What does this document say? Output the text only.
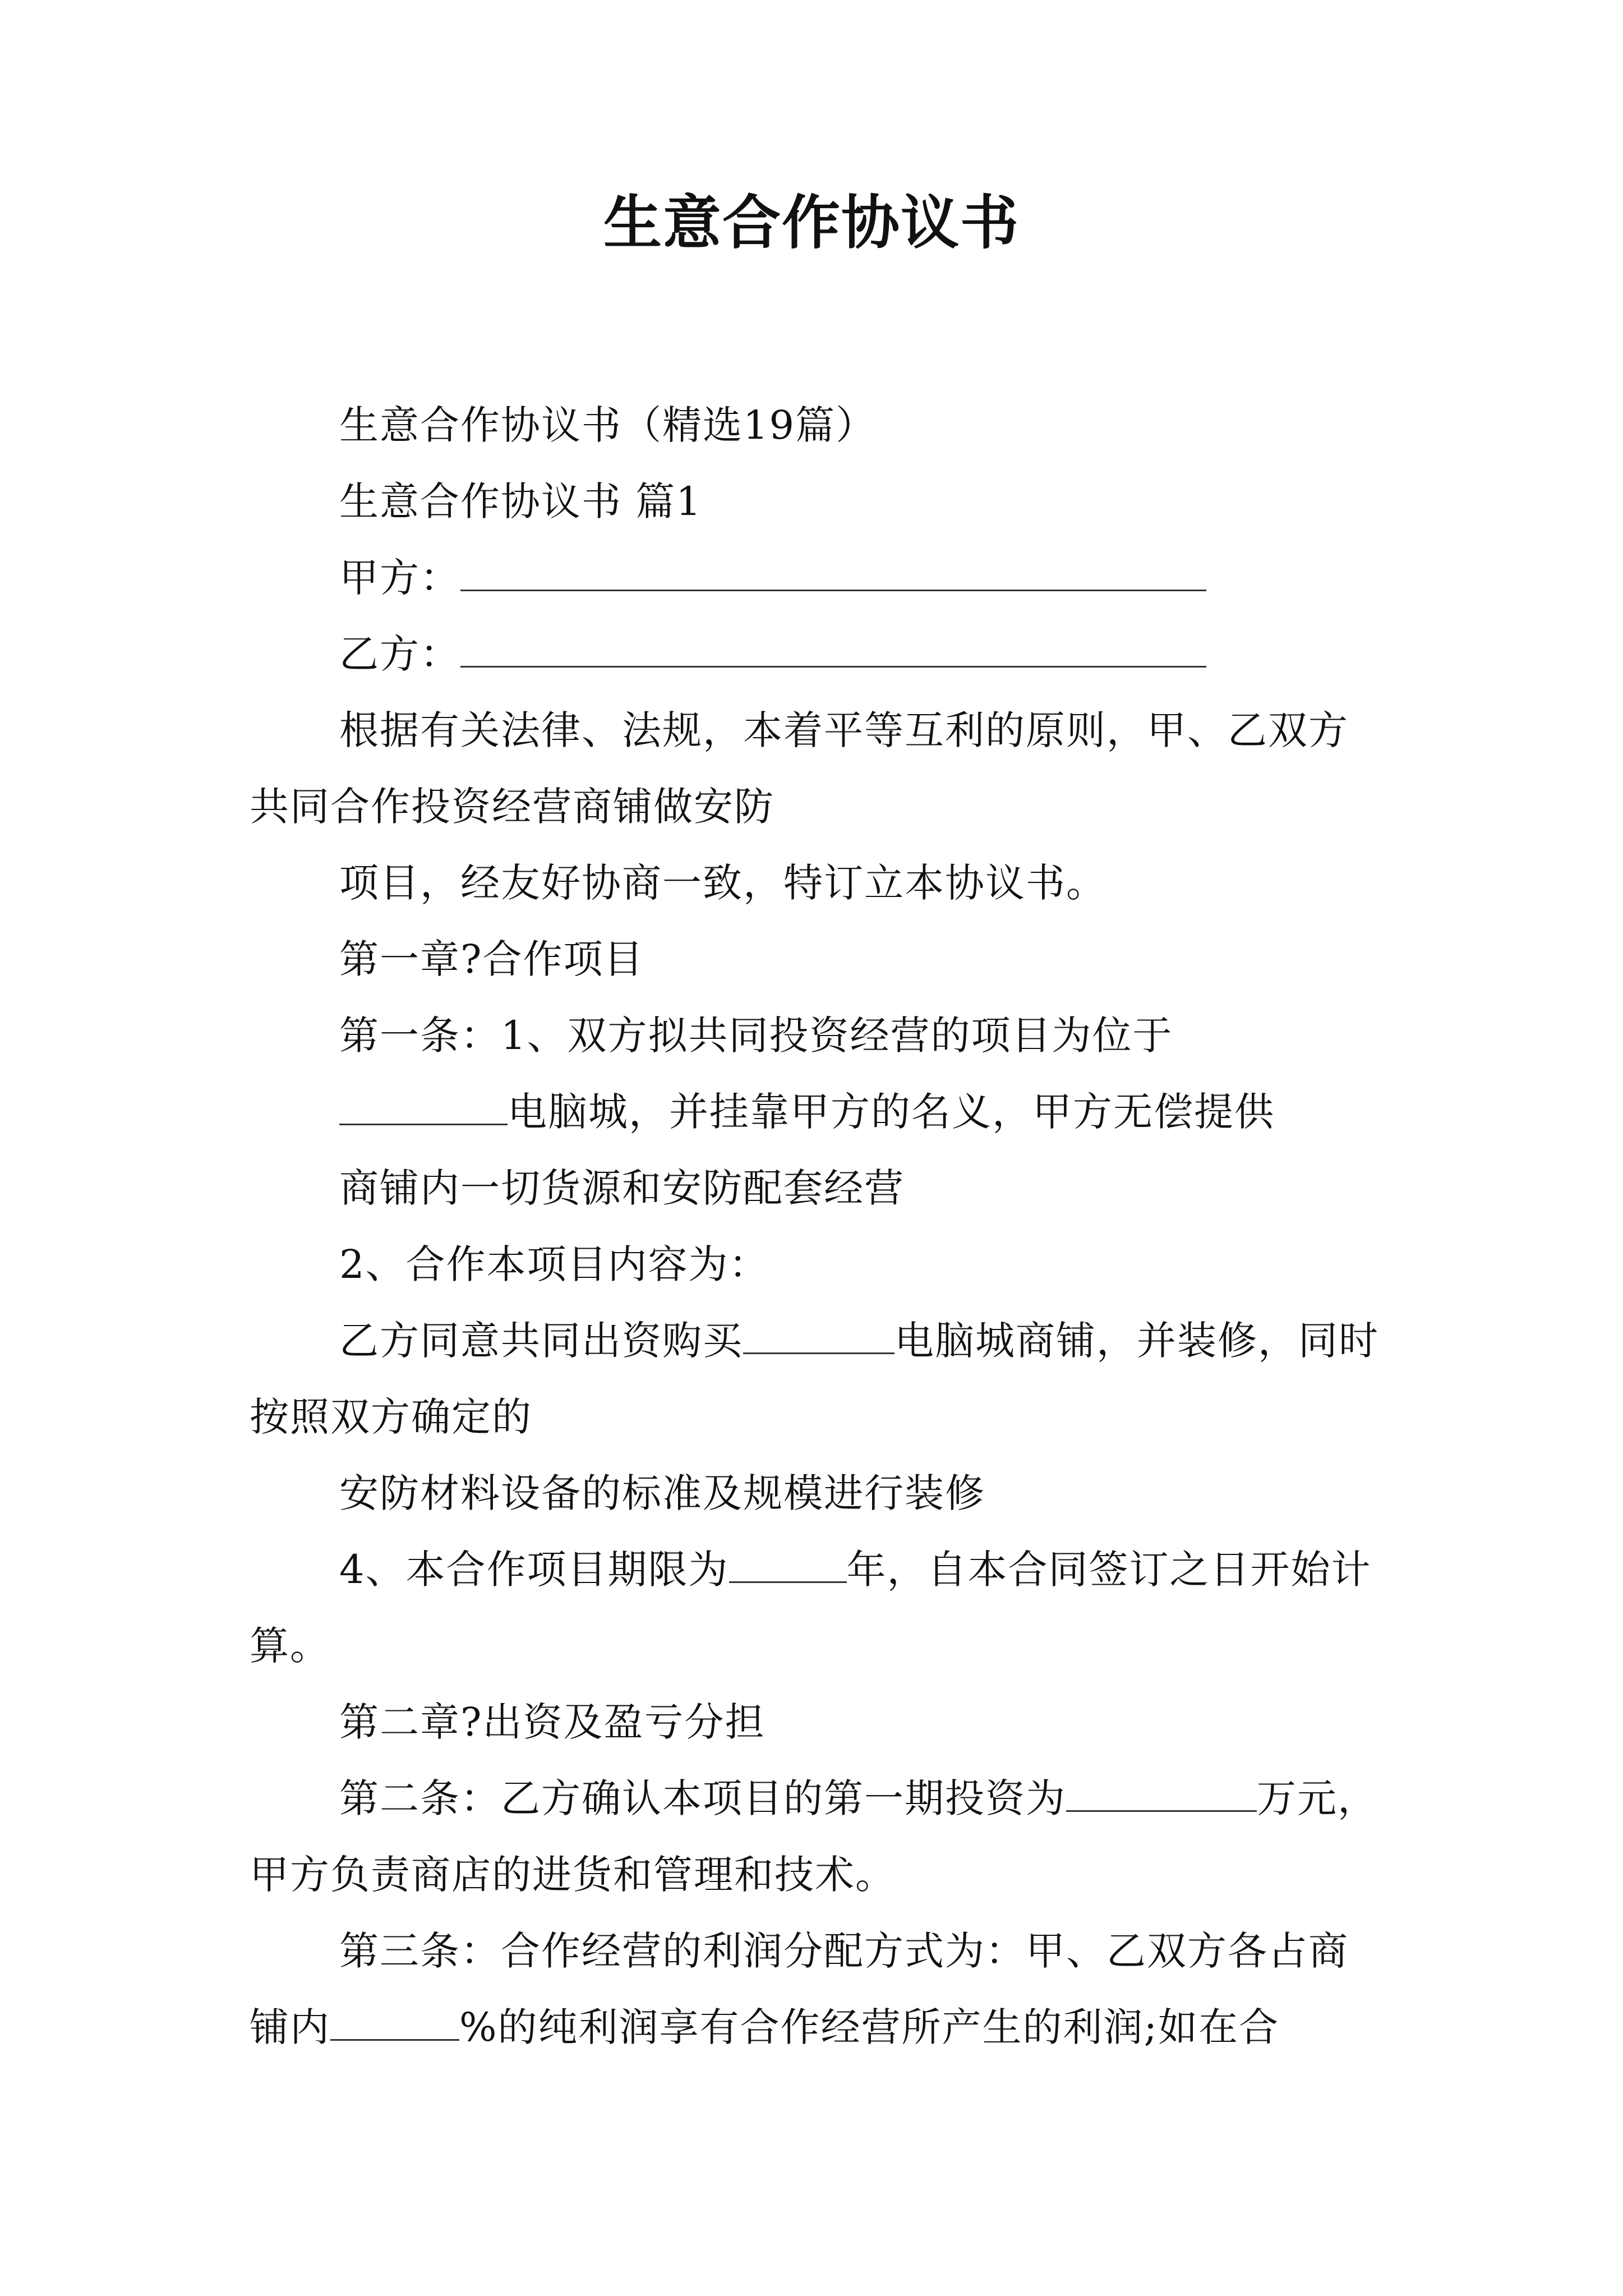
生意合作协议书

生意合作协议书（精选19篇）

生意合作协议书 篇1

甲方：

乙方：

根据有关法律、法规，本着平等互利的原则，甲、乙双方共同合作投资经营商铺做安防

项目，经友好协商一致，特订立本协议书。

第一章?合作项目

第一条：1、双方拟共同投资经营的项目为位于

电脑城，并挂靠甲方的名义，甲方无偿提供

商铺内一切货源和安防配套经营

2、合作本项目内容为：

乙方同意共同出资购买	电脑城商铺，并装修，同时按照双方确定的

安防材料设备的标准及规模进行装修

4、本合作项目期限为	年，自本合同签订之日开始计算。

第二章?出资及盈亏分担

第二条：乙方确认本项目的第一期投资为	万元，甲方负责商店的进货和管理和技术。

第三条：合作经营的利润分配方式为：甲、乙双方各占商铺内	%的纯利润享有合作经营所产生的利润;如在合
